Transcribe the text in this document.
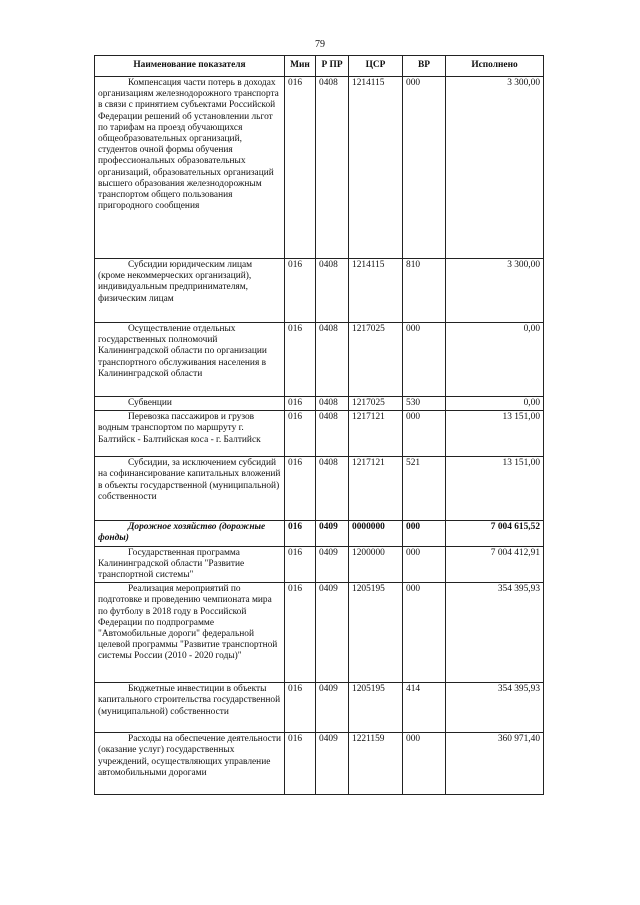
79
Наименование показателя	Мин	Р ПР	ЦСР	ВР	Исполнено
Компенсация части потерь в доходах организациям железнодорожного транспорта в связи с принятием субъектами Российской Федерации решений об установлении льгот по тарифам на проезд обучающихся общеобразовательных организаций, студентов очной формы обучения профессиональных образовательных организаций, образовательных организаций высшего образования железнодорожным транспортом общего пользования пригородного сообщения	016	0408	1214115	000	3 300,00
Субсидии юридическим лицам (кроме некоммерческих организаций), индивидуальным предпринимателям, физическим лицам	016	0408	1214115	810	3 300,00
Осуществление отдельных государственных полномочий Калининградской области по организации транспортного обслуживания населения в Калининградской области	016	0408	1217025	000	0,00
Субвенции	016	0408	1217025	530	0,00
Перевозка пассажиров и грузов водным транспортом по маршруту г. Балтийск - Балтийская коса - г. Балтийск	016	0408	1217121	000	13 151,00
Субсидии, за исключением субсидий на софинансирование капитальных вложений в объекты государственной (муниципальной) собственности	016	0408	1217121	521	13 151,00
Дорожное хозяйство (дорожные фонды)	016	0409	0000000	000	7 004 615,52
Государственная программа Калининградской области "Развитие транспортной системы"	016	0409	1200000	000	7 004 412,91
Реализация мероприятий по подготовке и проведению чемпионата мира по футболу в 2018 году в Российской Федерации по подпрограмме "Автомобильные дороги" федеральной целевой программы "Развитие транспортной системы России (2010 - 2020 годы)"	016	0409	1205195	000	354 395,93
Бюджетные инвестиции в объекты капитального строительства государственной (муниципальной) собственности	016	0409	1205195	414	354 395,93
Расходы на обеспечение деятельности (оказание услуг) государственных учреждений, осуществляющих управление автомобильными дорогами	016	0409	1221159	000	360 971,40
